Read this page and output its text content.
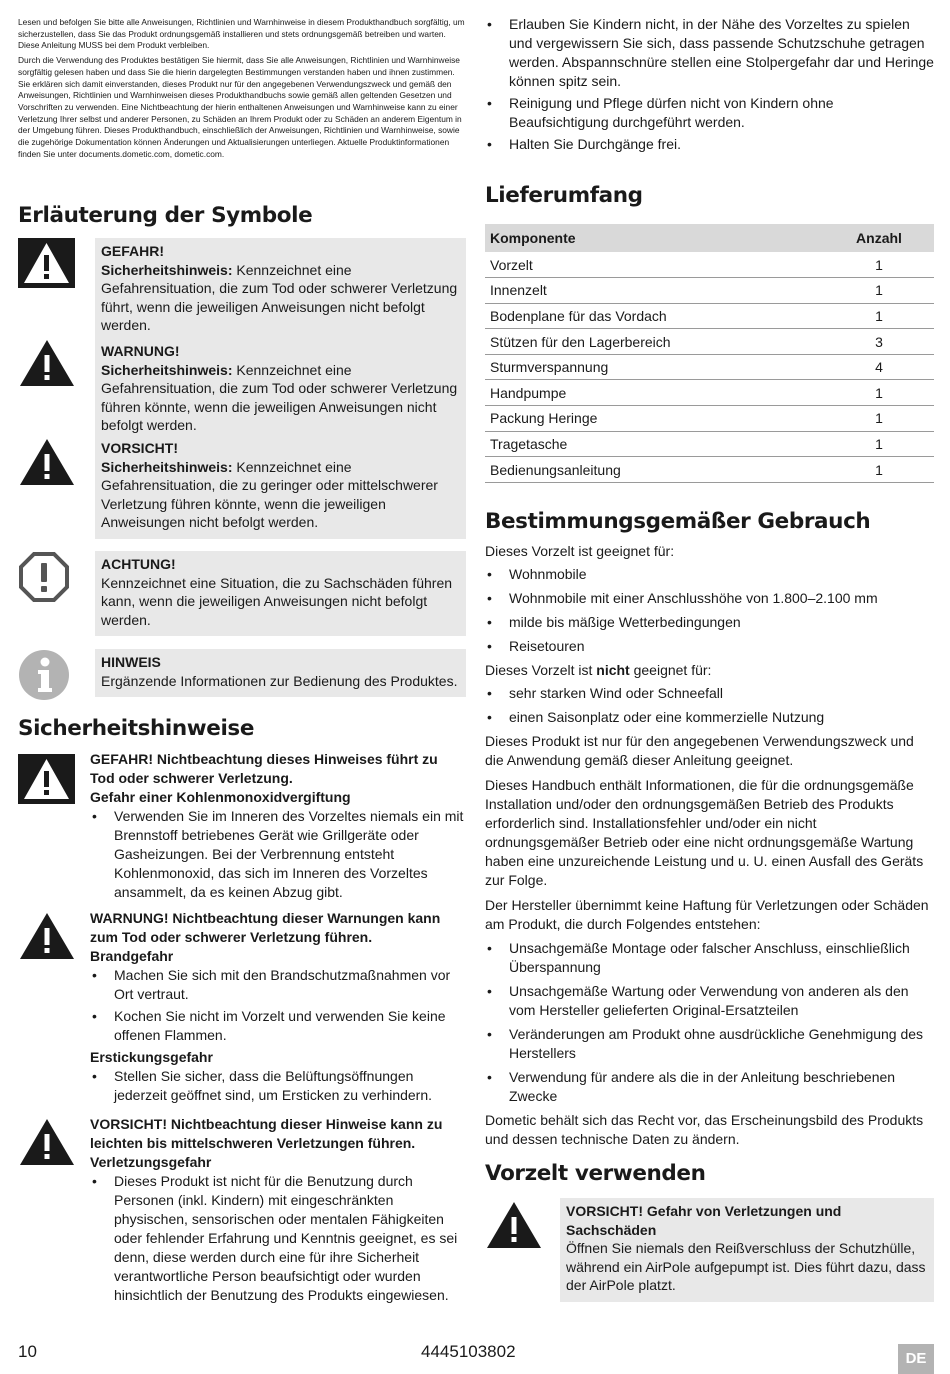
Lesen und befolgen Sie bitte alle Anweisungen, Richtlinien und Warnhinweise in diesem Produkthandbuch sorgfältig, um sicherzustellen, dass Sie das Produkt ordnungsgemäß installieren und stets ordnungsgemäß betreiben und warten. Diese Anleitung MUSS bei dem Produkt verbleiben.

Durch die Verwendung des Produktes bestätigen Sie hiermit, dass Sie alle Anweisungen, Richtlinien und Warnhinweise sorgfältig gelesen haben und dass Sie die hierin dargelegten Bestimmungen verstanden haben und ihnen zustimmen. Sie erklären sich damit einverstanden, dieses Produkt nur für den angegebenen Verwendungszweck und gemäß den Anweisungen, Richtlinien und Warnhinweisen dieses Produkthandbuchs sowie gemäß allen geltenden Gesetzen und Vorschriften zu verwenden. Eine Nichtbeachtung der hierin enthaltenen Anweisungen und Warnhinweise kann zu einer Verletzung Ihrer selbst und anderer Personen, zu Schäden an Ihrem Produkt oder zu Schäden an anderem Eigentum in der Umgebung führen. Dieses Produkthandbuch, einschließlich der Anweisungen, Richtlinien und Warnhinweise, sowie die zugehörige Dokumentation können Änderungen und Aktualisierungen unterliegen. Aktuelle Produktinformationen finden Sie unter documents.dometic.com, dometic.com.

Erläuterung der Symbole
GEFAHR!
Sicherheitshinweis: Kennzeichnet eine Gefahrensituation, die zum Tod oder schwerer Verletzung führt, wenn die jeweiligen Anweisungen nicht befolgt werden.
WARNUNG!
Sicherheitshinweis: Kennzeichnet eine Gefahrensituation, die zum Tod oder schwerer Verletzung führen könnte, wenn die jeweiligen Anweisungen nicht befolgt werden.
VORSICHT!
Sicherheitshinweis: Kennzeichnet eine Gefahrensituation, die zu geringer oder mittelschwerer Verletzung führen könnte, wenn die jeweiligen Anweisungen nicht befolgt werden.
ACHTUNG!
Kennzeichnet eine Situation, die zu Sachschäden führen kann, wenn die jeweiligen Anweisungen nicht befolgt werden.
HINWEIS
Ergänzende Informationen zur Bedienung des Produktes.
Sicherheitshinweise
GEFAHR! Nichtbeachtung dieses Hinweises führt zu Tod oder schwerer Verletzung.
Gefahr einer Kohlenmonoxidvergiftung
• Verwenden Sie im Inneren des Vorzeltes niemals ein mit Brennstoff betriebenes Gerät wie Grillgeräte oder Gasheizungen. Bei der Verbrennung entsteht Kohlenmonoxid, das sich im Inneren des Vorzeltes ansammelt, da es keinen Abzug gibt.
WARNUNG! Nichtbeachtung dieser Warnungen kann zum Tod oder schwerer Verletzung führen.
Brandgefahr
• Machen Sie sich mit den Brandschutzmaßnahmen vor Ort vertraut.
• Kochen Sie nicht im Vorzelt und verwenden Sie keine offenen Flammen.
Erstickungsgefahr
• Stellen Sie sicher, dass die Belüftungsöffnungen jederzeit geöffnet sind, um Ersticken zu verhindern.
VORSICHT! Nichtbeachtung dieser Hinweise kann zu leichten bis mittelschweren Verletzungen führen.
Verletzungsgefahr
• Dieses Produkt ist nicht für die Benutzung durch Personen (inkl. Kindern) mit eingeschränkten physischen, sensorischen oder mentalen Fähigkeiten oder fehlender Erfahrung und Kenntnis geeignet, es sei denn, diese werden durch eine für ihre Sicherheit verantwortliche Person beaufsichtigt oder wurden hinsichtlich der Benutzung des Produkts eingewiesen.
• Erlauben Sie Kindern nicht, in der Nähe des Vorzeltes zu spielen und vergewissern Sie sich, dass passende Schutzschuhe getragen werden. Abspannschnüre stellen eine Stolpergefahr dar und Heringe können spitz sein.
• Reinigung und Pflege dürfen nicht von Kindern ohne Beaufsichtigung durchgeführt werden.
• Halten Sie Durchgänge frei.
Lieferumfang
Komponente	Anzahl
Vorzelt	1
Innenzelt	1
Bodenplane für das Vordach	1
Stützen für den Lagerbereich	3
Sturmverspannung	4
Handpumpe	1
Packung Heringe	1
Tragetasche	1
Bedienungsanleitung	1
Bestimmungsgemäßer Gebrauch

Dieses Vorzelt ist geeignet für:

• Wohnmobile
• Wohnmobile mit einer Anschlusshöhe von 1.800–2.100 mm
• milde bis mäßige Wetterbedingungen
• Reisetouren

Dieses Vorzelt ist nicht geeignet für:

• sehr starken Wind oder Schneefall
• einen Saisonplatz oder eine kommerzielle Nutzung

Dieses Produkt ist nur für den angegebenen Verwendungszweck und die Anwendung gemäß dieser Anleitung geeignet.

Dieses Handbuch enthält Informationen, die für die ordnungsgemäße Installation und/oder den ordnungsgemäßen Betrieb des Produkts erforderlich sind. Installationsfehler und/oder ein nicht ordnungsgemäßer Betrieb oder eine nicht ordnungsgemäße Wartung haben eine unzureichende Leistung und u. U. einen Ausfall des Geräts zur Folge.

Der Hersteller übernimmt keine Haftung für Verletzungen oder Schäden am Produkt, die durch Folgendes entstehen:

• Unsachgemäße Montage oder falscher Anschluss, einschließlich Überspannung
• Unsachgemäße Wartung oder Verwendung von anderen als den vom Hersteller gelieferten Original-Ersatzteilen
• Veränderungen am Produkt ohne ausdrückliche Genehmigung des Herstellers
• Verwendung für andere als die in der Anleitung beschriebenen Zwecke

Dometic behält sich das Recht vor, das Erscheinungsbild des Produkts und dessen technische Daten zu ändern.

Vorzelt verwenden
VORSICHT! Gefahr von Verletzungen und Sachschäden
Öffnen Sie niemals den Reißverschluss der Schutzhülle, während ein AirPole aufgepumpt ist. Dies führt dazu, dass der AirPole platzt.
10	4445103802	DE
